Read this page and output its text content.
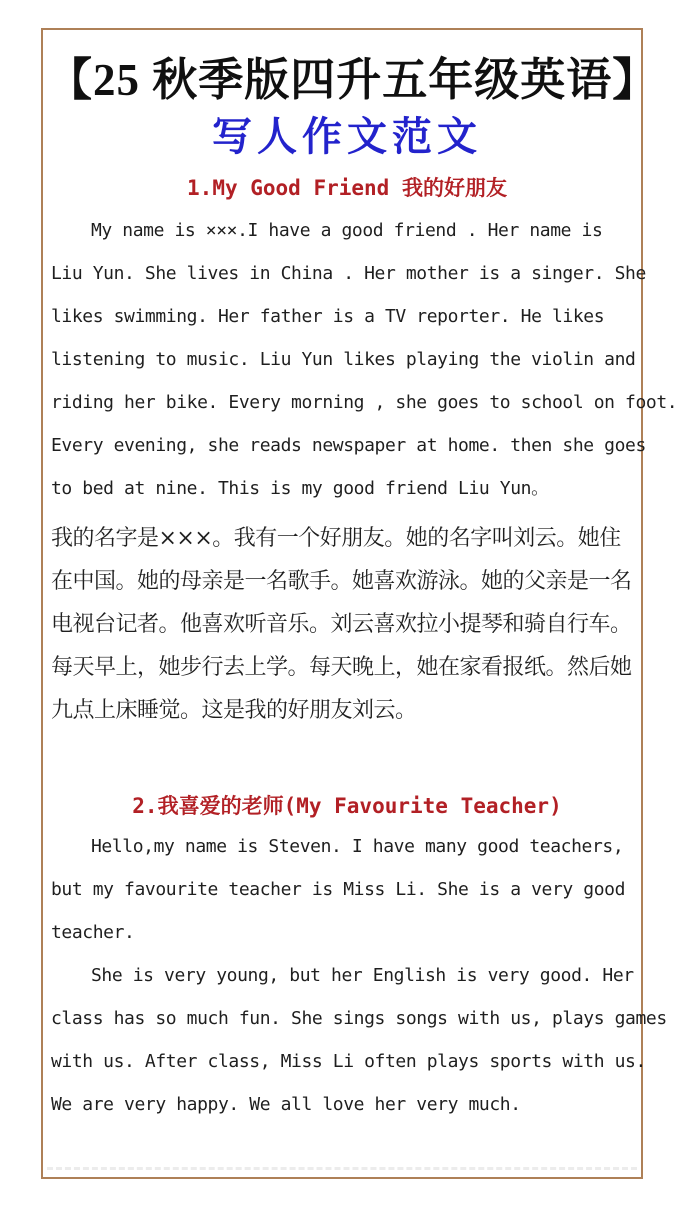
【25 秋季版四升五年级英语】
写人作文范文
1.My Good Friend 我的好朋友
My name is ×××.I have a good friend . Her name is
Liu Yun. She lives in China . Her mother is a singer. She
likes swimming. Her father is a TV reporter. He likes
listening to music. Liu Yun likes playing the violin and
riding her bike. Every morning , she goes to school on foot.
Every evening, she reads newspaper at home. then she goes
to bed at nine. This is my good friend Liu Yun。
我的名字是×××。我有一个好朋友。她的名字叫刘云。她住
在中国。她的母亲是一名歌手。她喜欢游泳。她的父亲是一名
电视台记者。他喜欢听音乐。刘云喜欢拉小提琴和骑自行车。
每天早上，她步行去上学。每天晚上，她在家看报纸。然后她
九点上床睡觉。这是我的好朋友刘云。
2.我喜爱的老师(My Favourite Teacher)
Hello,my name is Steven. I have many good teachers,
but my favourite teacher is Miss Li. She is a very good
teacher.
She is very young, but her English is very good. Her
class has so much fun. She sings songs with us, plays games
with us. After class, Miss Li often plays sports with us.
We are very happy. We all love her very much.
